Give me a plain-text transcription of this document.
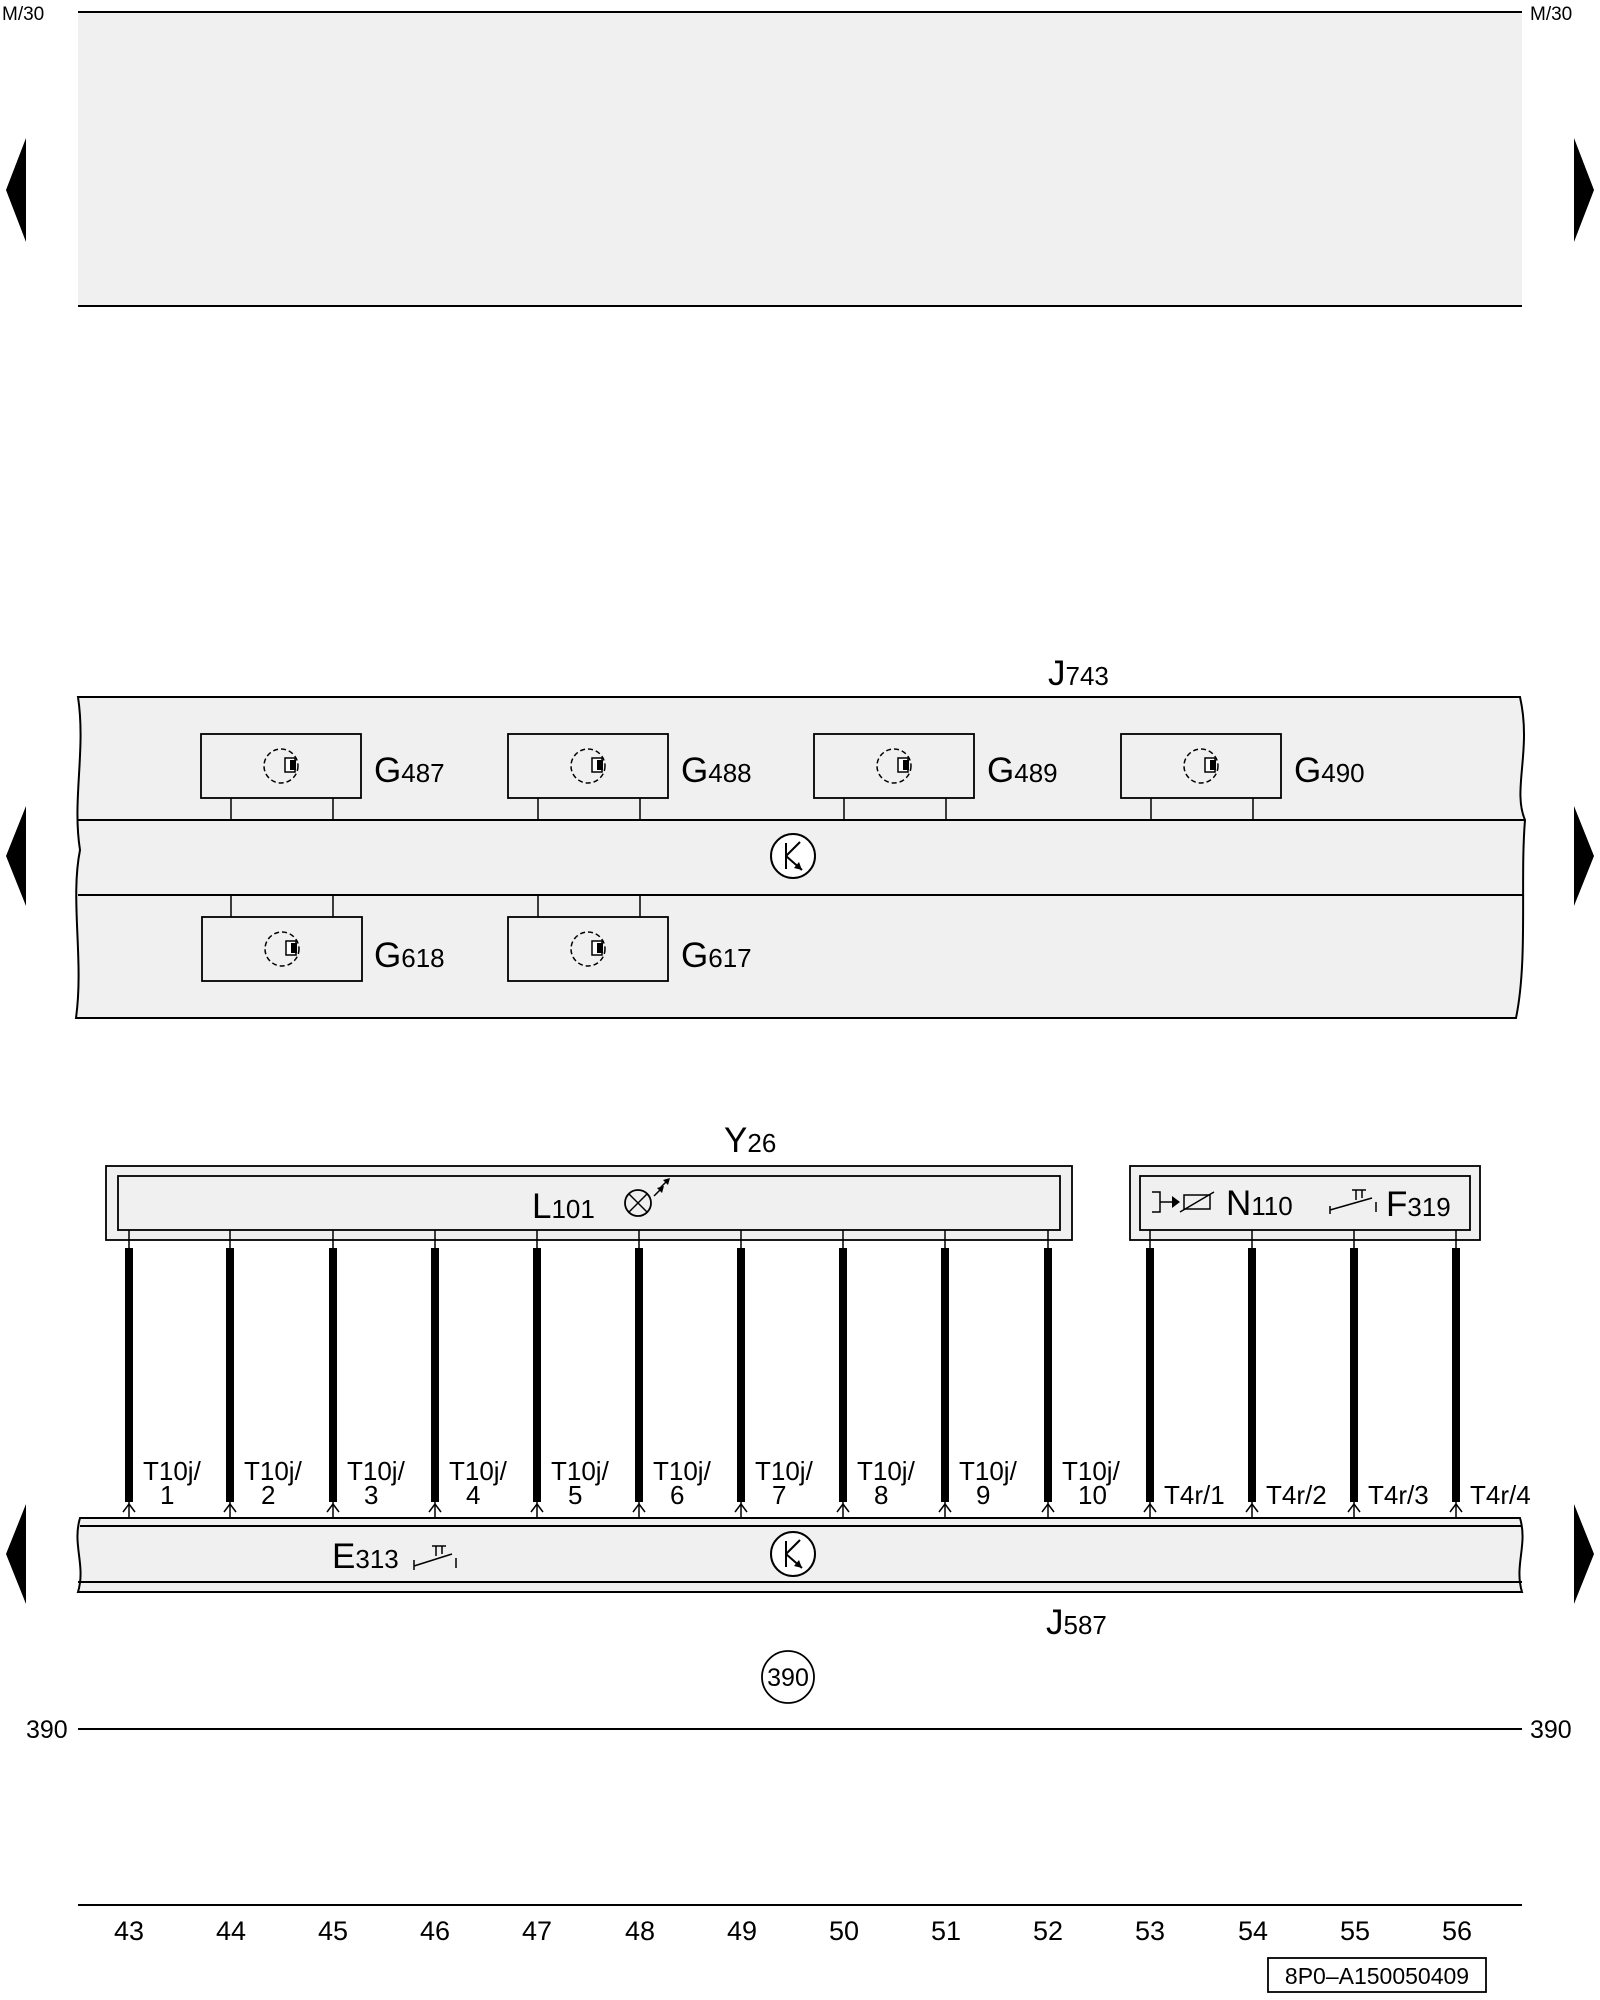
M/30	M/30
J743
G487	G488	G489	G490
G618	G617
Y26
L101	N110	F319
T10j/
1
T10j/
2
T10j/
3
T10j/
4
T10j/
5
T10j/
6
T10j/
7
T10j/
8
T10j/
9
T10j/
10 T4r/1 T4r/2 T4r/3 T4r/4
E313
J587
390
390	390
43	44	45	46	47	48	49	50	51	52	53	54	55	56
8P0–A150050409
